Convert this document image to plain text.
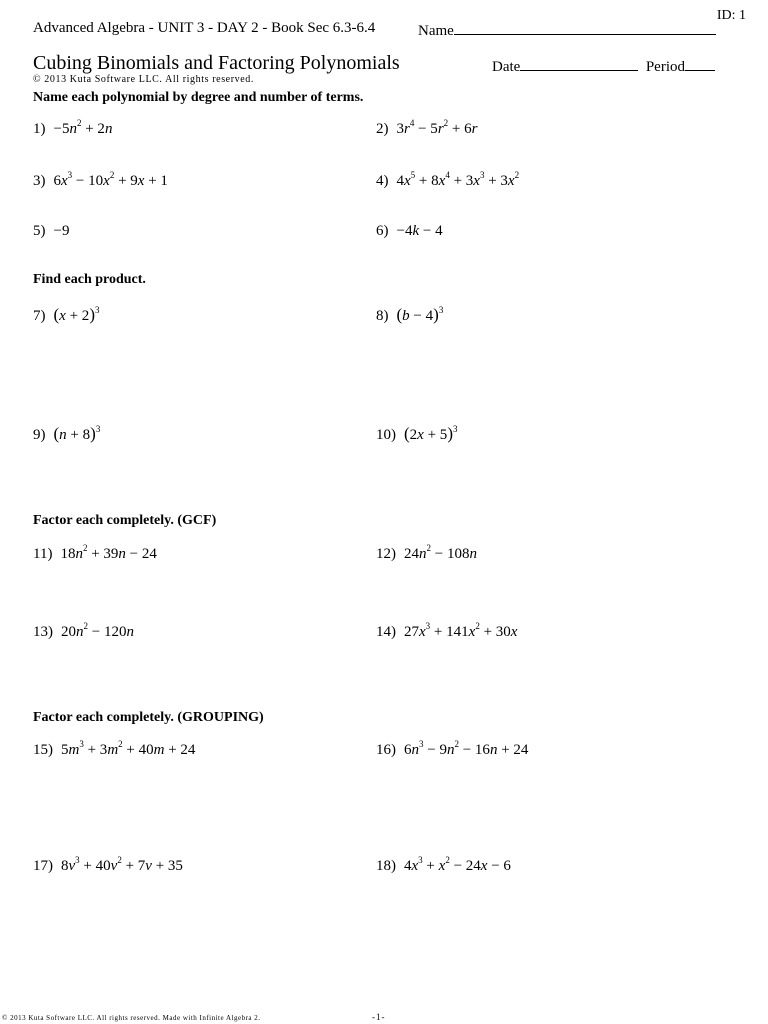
ID: 1
Advanced Algebra - UNIT 3 - DAY 2 - Book Sec 6.3-6.4	Name
Cubing Binomials and Factoring Polynomials
© 2013 Kuta Software LLC. All rights reserved.
Date	Period
Name each polynomial by degree and number of terms.
$1) -5n^2 + 2n$	2) $3r^4 - 5r^2 + 6r$
3) $6x^3 - 10x^2 + 9x + 1$	4) $4x^5 + 8x^4 + 3x^3 + 3x^2$
5) −9	6) −4k − 4
Find each product.
7) $(x + 2)^3$	8) $(b - 4)^3$
9) $(n + 8)^3$	10) $(2x + 5)^3$
Factor each completely. (GCF)
11) $18n^2 + 39n - 24$	12) $24n^2 - 108n$
13) $20n^2 - 120n$	14) $27x^3 + 141x^2 + 30x$
Factor each completely. (GROUPING)
15) $5m^3 + 3m^2 + 40m + 24$	16) $6n^3 - 9n^2 - 16n + 24$
17) $8v^3 + 40v^2 + 7v + 35$	18) $4x^3 + x^2 - 24x - 6$
© 2013 Kuta Software LLC. All rights reserved. Made with Infinite Algebra 2.	-1-
